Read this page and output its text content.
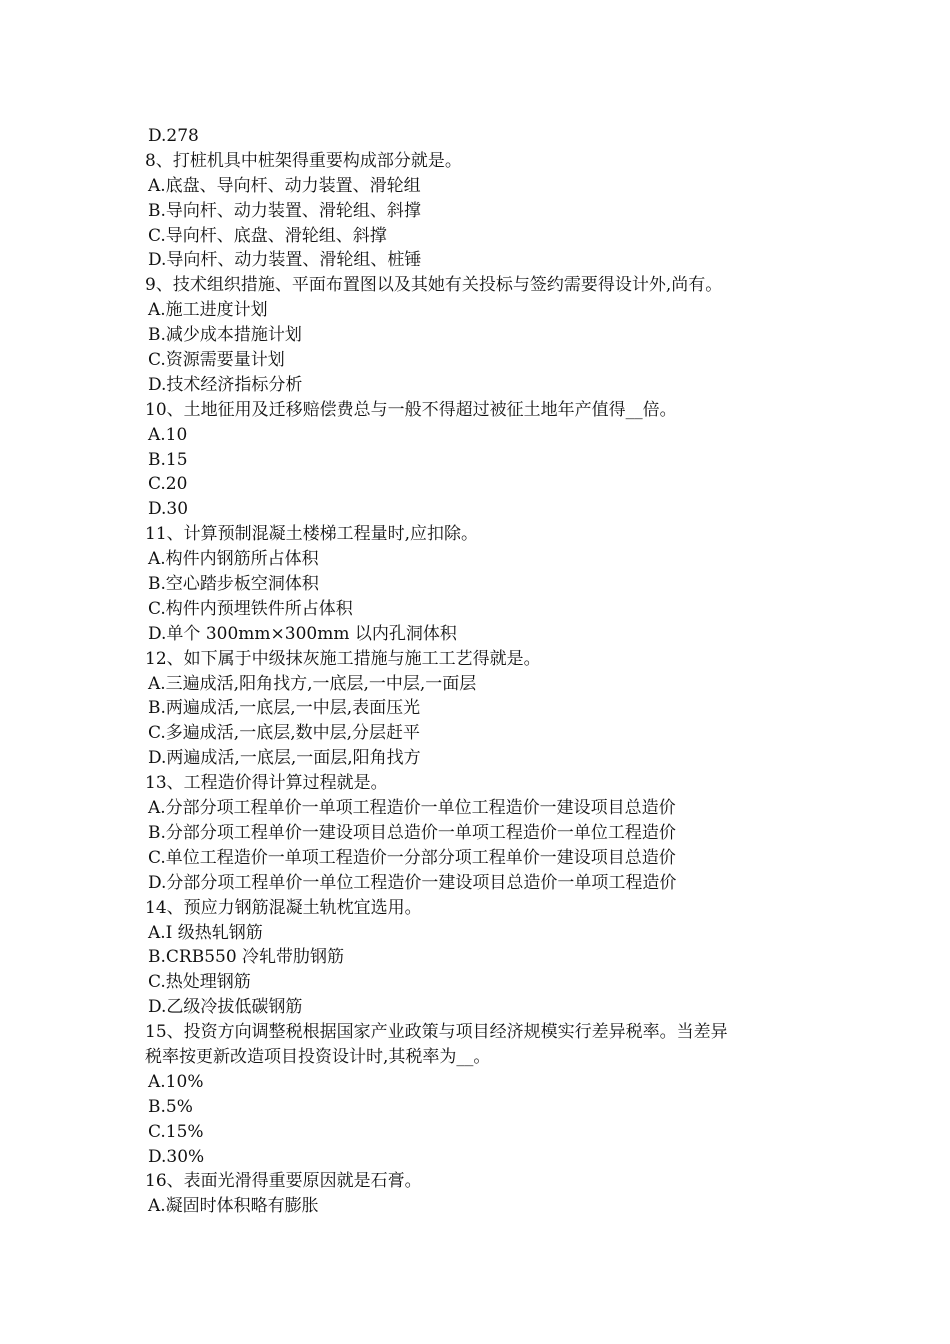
D.278
8、打桩机具中桩架得重要构成部分就是。
A.底盘、导向杆、动力装置、滑轮组
B.导向杆、动力装置、滑轮组、斜撑
C.导向杆、底盘、滑轮组、斜撑
D.导向杆、动力装置、滑轮组、桩锤
9、技术组织措施、平面布置图以及其她有关投标与签约需要得设计外,尚有。
A.施工进度计划
B.减少成本措施计划
C.资源需要量计划
D.技术经济指标分析
10、土地征用及迁移赔偿费总与一般不得超过被征土地年产值得__倍。
A.10
B.15
C.20
D.30
11、计算预制混凝土楼梯工程量时,应扣除。
A.构件内钢筋所占体积
B.空心踏步板空洞体积
C.构件内预埋铁件所占体积
D.单个 300mm×300mm 以内孔洞体积
12、如下属于中级抹灰施工措施与施工工艺得就是。
A.三遍成活,阳角找方,一底层,一中层,一面层
B.两遍成活,一底层,一中层,表面压光
C.多遍成活,一底层,数中层,分层赶平
D.两遍成活,一底层,一面层,阳角找方
13、工程造价得计算过程就是。
A.分部分项工程单价一单项工程造价一单位工程造价一建设项目总造价
B.分部分项工程单价一建设项目总造价一单项工程造价一单位工程造价
C.单位工程造价一单项工程造价一分部分项工程单价一建设项目总造价
D.分部分项工程单价一单位工程造价一建设项目总造价一单项工程造价
14、预应力钢筋混凝土轨枕宜选用。
A.Ⅰ 级热轧钢筋
B.CRB550 冷轧带肋钢筋
C.热处理钢筋
D.乙级冷拔低碳钢筋
15、投资方向调整税根据国家产业政策与项目经济规模实行差异税率。当差异
税率按更新改造项目投资设计时,其税率为__。
A.10%
B.5%
C.15%
D.30%
16、表面光滑得重要原因就是石膏。
A.凝固时体积略有膨胀
